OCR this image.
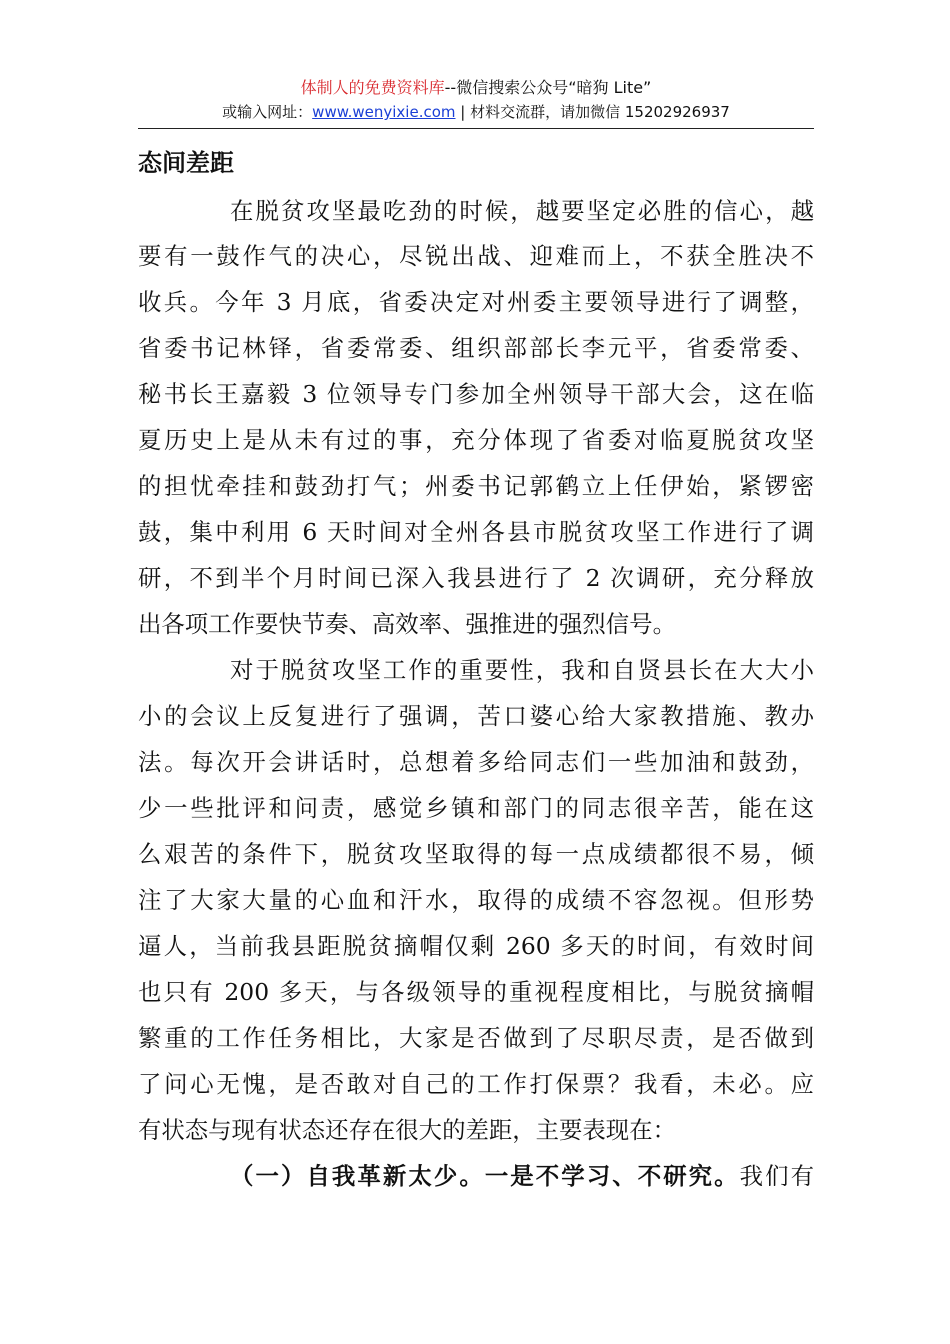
体制人的免费资料库--微信搜索公众号“暗狗 Lite”
或输入网址：www.wenyixie.com | 材料交流群，请加微信 15202926937
态间差距
在脱贫攻坚最吃劲的时候，越要坚定必胜的信心，越
要有一鼓作气的决心，尽锐出战、迎难而上，不获全胜决不
收兵。今年 3 月底，省委决定对州委主要领导进行了调整，
省委书记林铎，省委常委、组织部部长李元平，省委常委、
秘书长王嘉毅 3 位领导专门参加全州领导干部大会，这在临
夏历史上是从未有过的事，充分体现了省委对临夏脱贫攻坚
的担忧牵挂和鼓劲打气；州委书记郭鹤立上任伊始，紧锣密
鼓，集中利用 6 天时间对全州各县市脱贫攻坚工作进行了调
研，不到半个月时间已深入我县进行了 2 次调研，充分释放
出各项工作要快节奏、高效率、强推进的强烈信号。
对于脱贫攻坚工作的重要性，我和自贤县长在大大小
小的会议上反复进行了强调，苦口婆心给大家教措施、教办
法。每次开会讲话时，总想着多给同志们一些加油和鼓劲，
少一些批评和问责，感觉乡镇和部门的同志很辛苦，能在这
么艰苦的条件下，脱贫攻坚取得的每一点成绩都很不易，倾
注了大家大量的心血和汗水，取得的成绩不容忽视。但形势
逼人，当前我县距脱贫摘帽仅剩 260 多天的时间，有效时间
也只有 200 多天，与各级领导的重视程度相比，与脱贫摘帽
繁重的工作任务相比，大家是否做到了尽职尽责，是否做到
了问心无愧，是否敢对自己的工作打保票？我看，未必。应
有状态与现有状态还存在很大的差距，主要表现在：
（一）自我革新太少。一是不学习、不研究。我们有
